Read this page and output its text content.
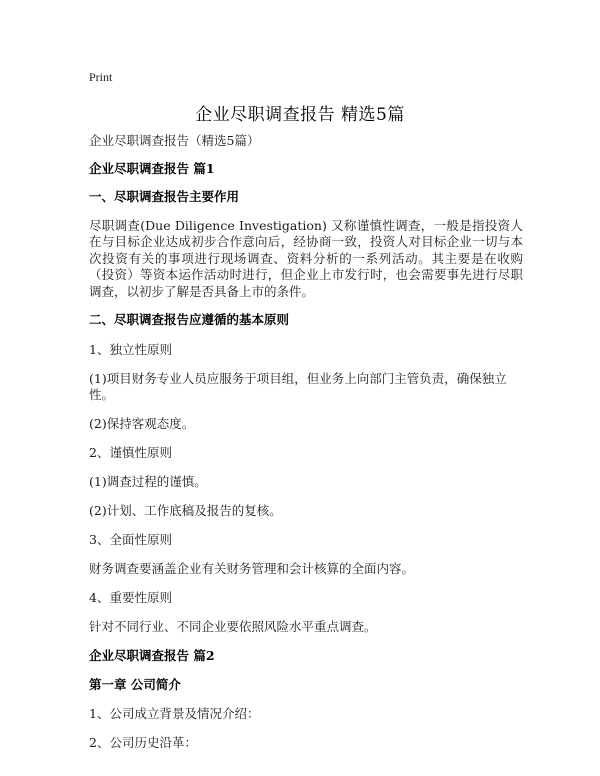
Print
企业尽职调查报告 精选5篇

企业尽职调查报告（精选5篇）

企业尽职调查报告 篇1

一、尽职调查报告主要作用

尽职调查(Due Diligence Investigation) 又称谨慎性调查，一般是指投资人在与目标企业达成初步合作意向后，经协商一致，投资人对目标企业一切与本次投资有关的事项进行现场调查、资料分析的一系列活动。其主要是在收购（投资）等资本运作活动时进行，但企业上市发行时，也会需要事先进行尽职调查，以初步了解是否具备上市的条件。

二、尽职调查报告应遵循的基本原则

1、独立性原则

(1)项目财务专业人员应服务于项目组，但业务上向部门主管负责，确保独立性。

(2)保持客观态度。

2、谨慎性原则

(1)调查过程的谨慎。

(2)计划、工作底稿及报告的复核。

3、全面性原则

财务调查要涵盖企业有关财务管理和会计核算的全面内容。

4、重要性原则

针对不同行业、不同企业要依照风险水平重点调查。

企业尽职调查报告 篇2

第一章 公司简介

1、公司成立背景及情况介绍：

2、公司历史沿革：
